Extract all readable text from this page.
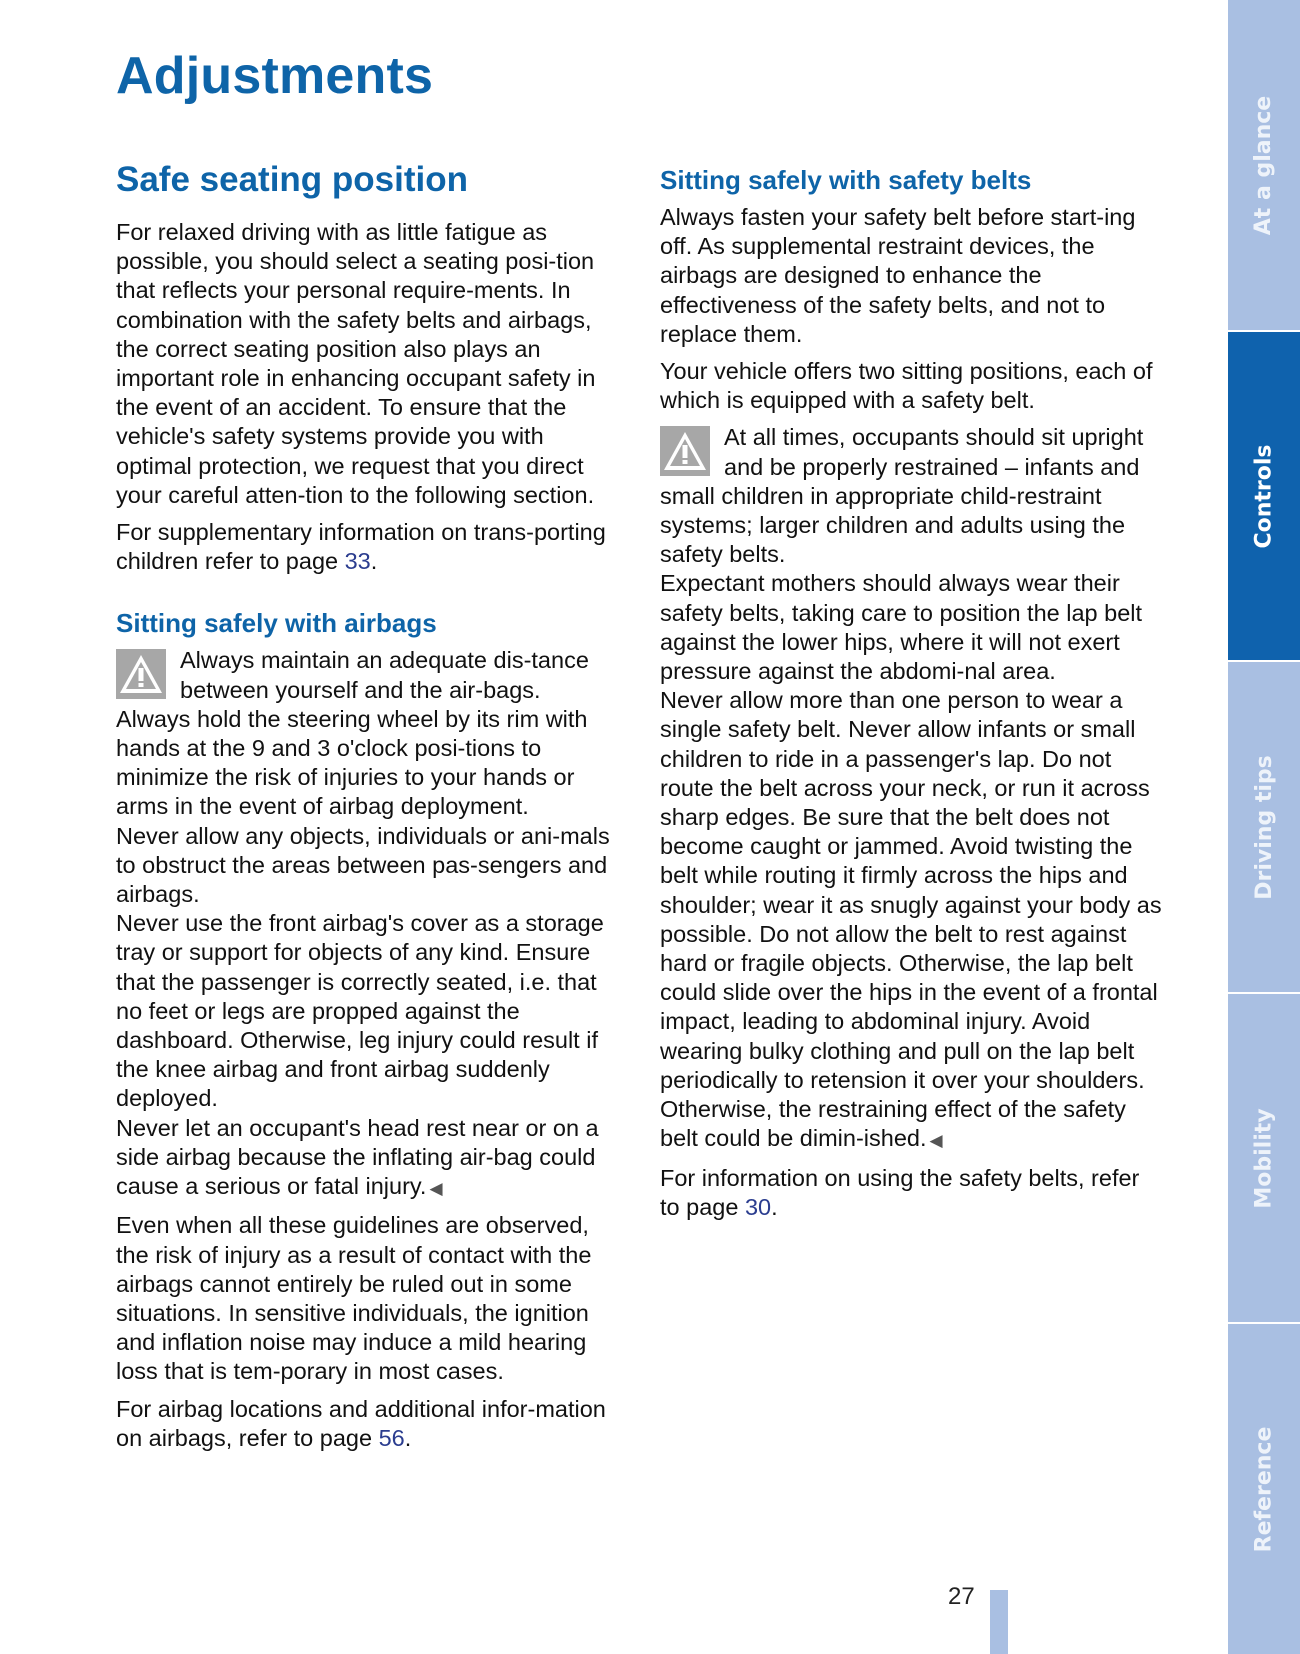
Adjustments
Safe seating position

For relaxed driving with as little fatigue as possible, you should select a seating posi-tion that reflects your personal require-ments. In combination with the safety belts and airbags, the correct seating position also plays an important role in enhancing occupant safety in the event of an accident. To ensure that the vehicle's safety systems provide you with optimal protection, we request that you direct your careful atten-tion to the following section.

For supplementary information on trans-porting children refer to page 33.

Sitting safely with airbags

Always maintain an adequate dis-tance between yourself and the air-bags. Always hold the steering wheel by its rim with hands at the 9 and 3 o'clock posi-tions to minimize the risk of injuries to your hands or arms in the event of airbag deployment.

Never allow any objects, individuals or ani-mals to obstruct the areas between pas-sengers and airbags.

Never use the front airbag's cover as a storage tray or support for objects of any kind. Ensure that the passenger is correctly seated, i.e. that no feet or legs are propped against the dashboard. Otherwise, leg injury could result if the knee airbag and front airbag suddenly deployed.

Never let an occupant's head rest near or on a side airbag because the inflating air-bag could cause a serious or fatal injury. ◀

Even when all these guidelines are observed, the risk of injury as a result of contact with the airbags cannot entirely be ruled out in some situations. In sensitive individuals, the ignition and inflation noise may induce a mild hearing loss that is tem-porary in most cases.

For airbag locations and additional infor-mation on airbags, refer to page 56.

Sitting safely with safety belts

Always fasten your safety belt before start-ing off. As supplemental restraint devices, the airbags are designed to enhance the effectiveness of the safety belts, and not to replace them.

Your vehicle offers two sitting positions, each of which is equipped with a safety belt.

At all times, occupants should sit upright and be properly restrained – infants and small children in appropriate child-restraint systems; larger children and adults using the safety belts.

Expectant mothers should always wear their safety belts, taking care to position the lap belt against the lower hips, where it will not exert pressure against the abdomi-nal area.

Never allow more than one person to wear a single safety belt. Never allow infants or small children to ride in a passenger's lap. Do not route the belt across your neck, or run it across sharp edges. Be sure that the belt does not become caught or jammed. Avoid twisting the belt while routing it firmly across the hips and shoulder; wear it as snugly against your body as possible. Do not allow the belt to rest against hard or fragile objects. Otherwise, the lap belt could slide over the hips in the event of a frontal impact, leading to abdominal injury. Avoid wearing bulky clothing and pull on the lap belt periodically to retension it over your shoulders. Otherwise, the restraining effect of the safety belt could be dimin-ished. ◀

For information on using the safety belts, refer to page 30.

At a glance
Controls
Driving tips
Mobility
Reference
27
